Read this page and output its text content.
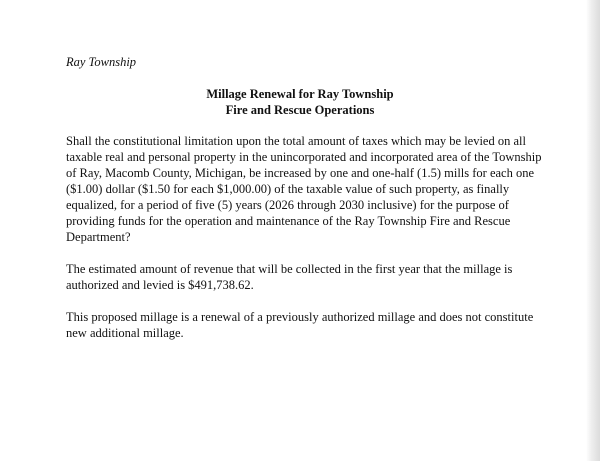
Ray Township
Millage Renewal for Ray Township
Fire and Rescue Operations
Shall the constitutional limitation upon the total amount of taxes which may be levied on all
taxable real and personal property in the unincorporated and incorporated area of the Township
of Ray, Macomb County, Michigan, be increased by one and one-half (1.5) mills for each one
($1.00) dollar ($1.50 for each $1,000.00) of the taxable value of such property, as finally
equalized, for a period of five (5) years (2026 through 2030 inclusive) for the purpose of
providing funds for the operation and maintenance of the Ray Township Fire and Rescue
Department?
The estimated amount of revenue that will be collected in the first year that the millage is
authorized and levied is $491,738.62.
This proposed millage is a renewal of a previously authorized millage and does not constitute
new additional millage.
